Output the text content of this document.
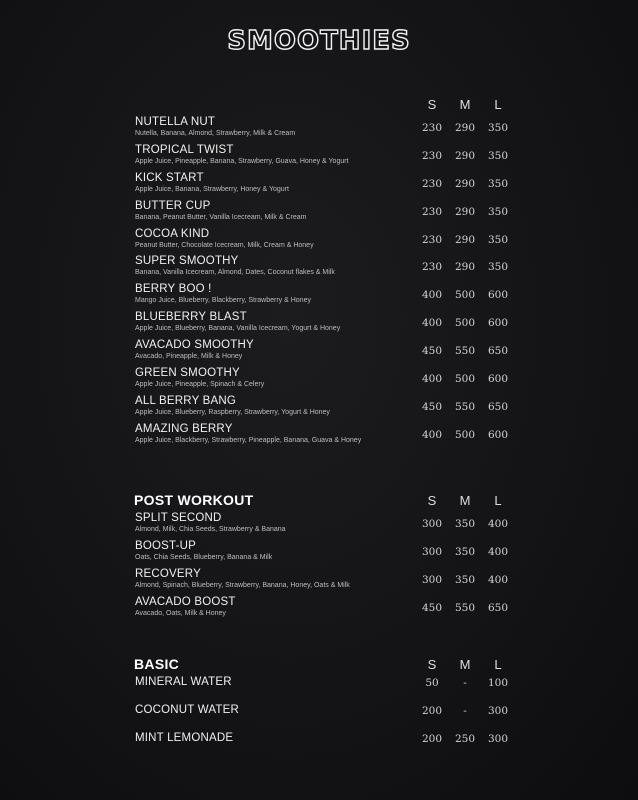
SMOOTHIES
S	M	L
NUTELLA NUT
Nutella, Banana, Almond, Strawberry, Milk & Cream	230	290	350
TROPICAL TWIST
Apple Juice, Pineapple, Banana, Strawberry, Guava, Honey & Yogurt	230	290	350
KICK START
Apple Juice, Banana, Strawberry, Honey & Yogurt	230	290	350
BUTTER CUP
Banana, Peanut Butter, Vanilla Icecream, Milk & Cream	230	290	350
COCOA KIND
Peanut Butter, Chocolate Icecream, Milk, Cream & Honey	230	290	350
SUPER SMOOTHY
Banana, Vanilla Icecream, Almond, Dates, Coconut flakes & Milk	230	290	350
BERRY BOO !
Mango Juice, Blueberry, Blackberry, Strawberry & Honey	400	500	600
BLUEBERRY BLAST
Apple Juice, Blueberry, Banana, Vanilla Icecream, Yogurt & Honey	400	500	600
AVACADO SMOOTHY
Avacado, Pineapple, Milk & Honey	450	550	650
GREEN SMOOTHY
Apple Juice, Pineapple, Spinach & Celery	400	500	600
ALL BERRY BANG
Apple Juice, Blueberry, Raspberry, Strawberry, Yogurt & Honey	450	550	650
AMAZING BERRY
Apple Juice, Blackberry, Strawberry, Pineapple, Banana, Guava & Honey	400	500	600
POST WORKOUT	S	M	L
SPLIT SECOND
Almond, Milk, Chia Seeds, Strawberry & Banana	300	350	400
BOOST-UP
Oats, Chia Seeds, Blueberry, Banana & Milk	300	350	400
RECOVERY
Almond, Spinach, Blueberry, Strawberry, Banana, Honey, Oats & Milk	300	350	400
AVACADO BOOST
Avacado, Oats, Milk & Honey	450	550	650
BASIC	S	M	L
MINERAL WATER	50	-	100
COCONUT WATER	200	-	300
MINT LEMONADE	200	250	300
